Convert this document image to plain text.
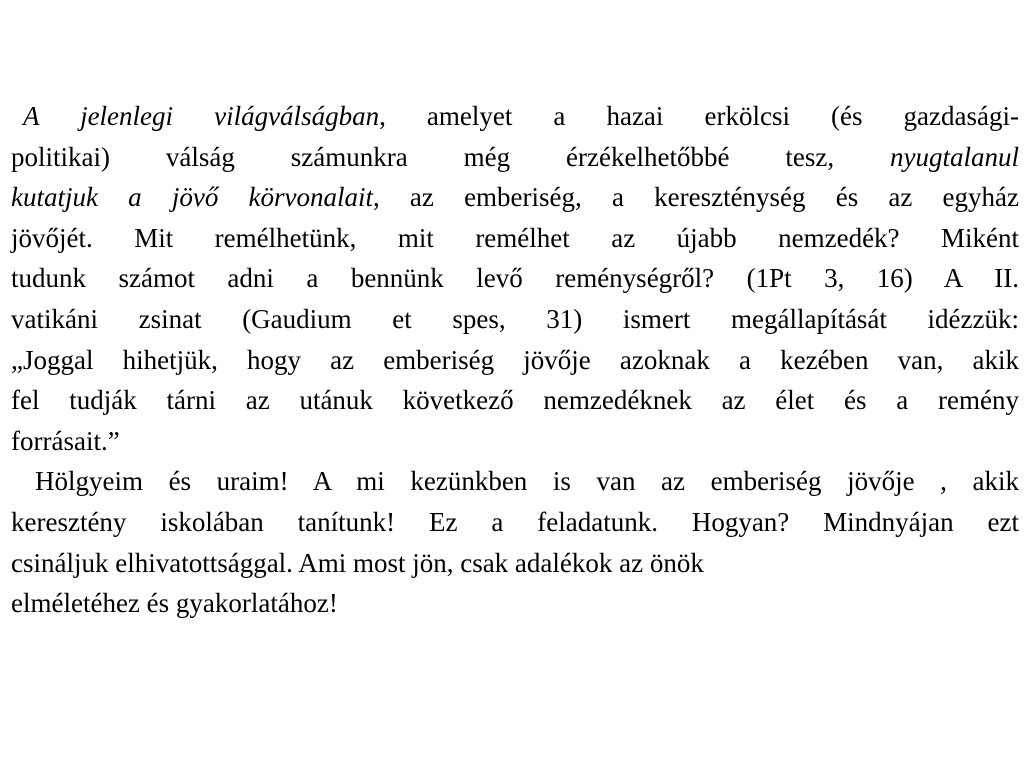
A jelenlegi világválságban, amelyet a hazai erkölcsi (és gazdasági-
politikai) válság számunkra még érzékelhetőbbé tesz, nyugtalanul
kutatjuk a jövő körvonalait, az emberiség, a kereszténység és az egyház
jövőjét. Mit remélhetünk, mit remélhet az újabb nemzedék? Miként
tudunk számot adni a bennünk levő reménységről? (1Pt 3, 16) A II.
vatikáni zsinat (Gaudium et spes, 31) ismert megállapítását idézzük:
„Joggal hihetjük, hogy az emberiség jövője azoknak a kezében van, akik
fel tudják tárni az utánuk következő nemzedéknek az élet és a remény
forrásait.”
Hölgyeim és uraim! A mi kezünkben is van az emberiség jövője , akik
keresztény iskolában tanítunk! Ez a feladatunk. Hogyan? Mindnyájan ezt
csináljuk elhivatottsággal. Ami most jön, csak adalékok az önök
elméletéhez és gyakorlatához!
